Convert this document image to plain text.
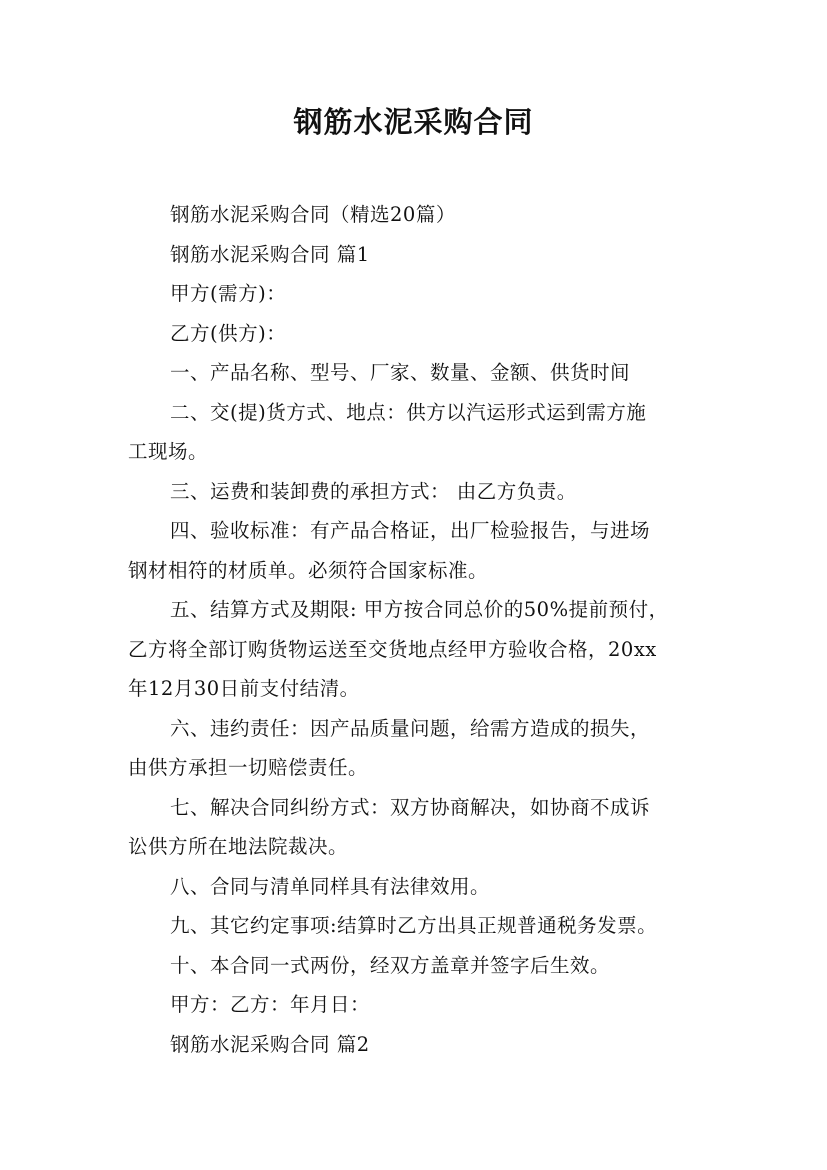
钢筋水泥采购合同

钢筋水泥采购合同（精选20篇）

钢筋水泥采购合同 篇1

甲方(需方)：

乙方(供方)：

一、产品名称、型号、厂家、数量、金额、供货时间

二、交(提)货方式、地点：供方以汽运形式运到需方施

工现场。

三、运费和装卸费的承担方式： 由乙方负责。

四、验收标准：有产品合格证，出厂检验报告，与进场

钢材相符的材质单。必须符合国家标准。

五、结算方式及期限: 甲方按合同总价的50%提前预付，

乙方将全部订购货物运送至交货地点经甲方验收合格，20xx

年12月30日前支付结清。

六、违约责任：因产品质量问题，给需方造成的损失，

由供方承担一切赔偿责任。

七、解决合同纠纷方式：双方协商解决，如协商不成诉

讼供方所在地法院裁决。

八、合同与清单同样具有法律效用。

九、其它约定事项:结算时乙方出具正规普通税务发票。

十、本合同一式两份，经双方盖章并签字后生效。

甲方：乙方：年月日：

钢筋水泥采购合同 篇2
